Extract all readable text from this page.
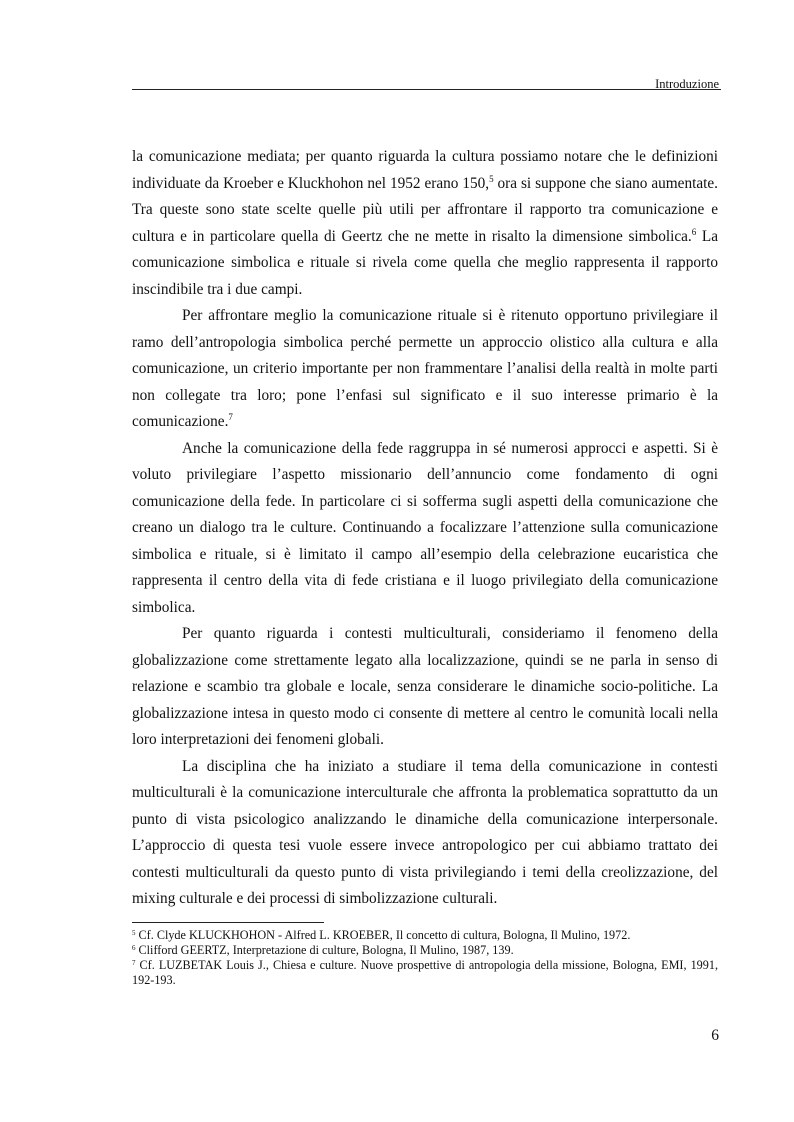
Introduzione

la comunicazione mediata; per quanto riguarda la cultura possiamo notare che le definizioni individuate da Kroeber e Kluckhohon nel 1952 erano 150,$^5$ ora si suppone che siano aumentate. Tra queste sono state scelte quelle più utili per affrontare il rapporto tra comunicazione e cultura e in particolare quella di Geertz che ne mette in risalto la dimensione simbolica.$^6$ La comunicazione simbolica e rituale si rivela come quella che meglio rappresenta il rapporto inscindibile tra i due campi.

Per affrontare meglio la comunicazione rituale si è ritenuto opportuno privilegiare il ramo dell’antropologia simbolica perché permette un approccio olistico alla cultura e alla comunicazione, un criterio importante per non frammentare l’analisi della realtà in molte parti non collegate tra loro; pone l’enfasi sul significato e il suo interesse primario è la comunicazione.$^7$

Anche la comunicazione della fede raggruppa in sé numerosi approcci e aspetti. Si è voluto privilegiare l’aspetto missionario dell’annuncio come fondamento di ogni comunicazione della fede. In particolare ci si sofferma sugli aspetti della comunicazione che creano un dialogo tra le culture. Continuando a focalizzare l’attenzione sulla comunicazione simbolica e rituale, si è limitato il campo all’esempio della celebrazione eucaristica che rappresenta il centro della vita di fede cristiana e il luogo privilegiato della comunicazione simbolica.

Per quanto riguarda i contesti multiculturali, consideriamo il fenomeno della globalizzazione come strettamente legato alla localizzazione, quindi se ne parla in senso di relazione e scambio tra globale e locale, senza considerare le dinamiche socio-politiche. La globalizzazione intesa in questo modo ci consente di mettere al centro le comunità locali nella loro interpretazioni dei fenomeni globali.

La disciplina che ha iniziato a studiare il tema della comunicazione in contesti multiculturali è la comunicazione interculturale che affronta la problematica soprattutto da un punto di vista psicologico analizzando le dinamiche della comunicazione interpersonale. L’approccio di questa tesi vuole essere invece antropologico per cui abbiamo trattato dei contesti multiculturali da questo punto di vista privilegiando i temi della creolizzazione, del mixing culturale e dei processi di simbolizzazione culturali.

$^5$ Cf. Clyde KLUCKHOHON - Alfred L. KROEBER, Il concetto di cultura, Bologna, Il Mulino, 1972.

$^6$ Clifford GEERTZ, Interpretazione di culture, Bologna, Il Mulino, 1987, 139.

$^7$ Cf. LUZBETAK Louis J., Chiesa e culture. Nuove prospettive di antropologia della missione, Bologna, EMI, 1991, 192-193.

6
